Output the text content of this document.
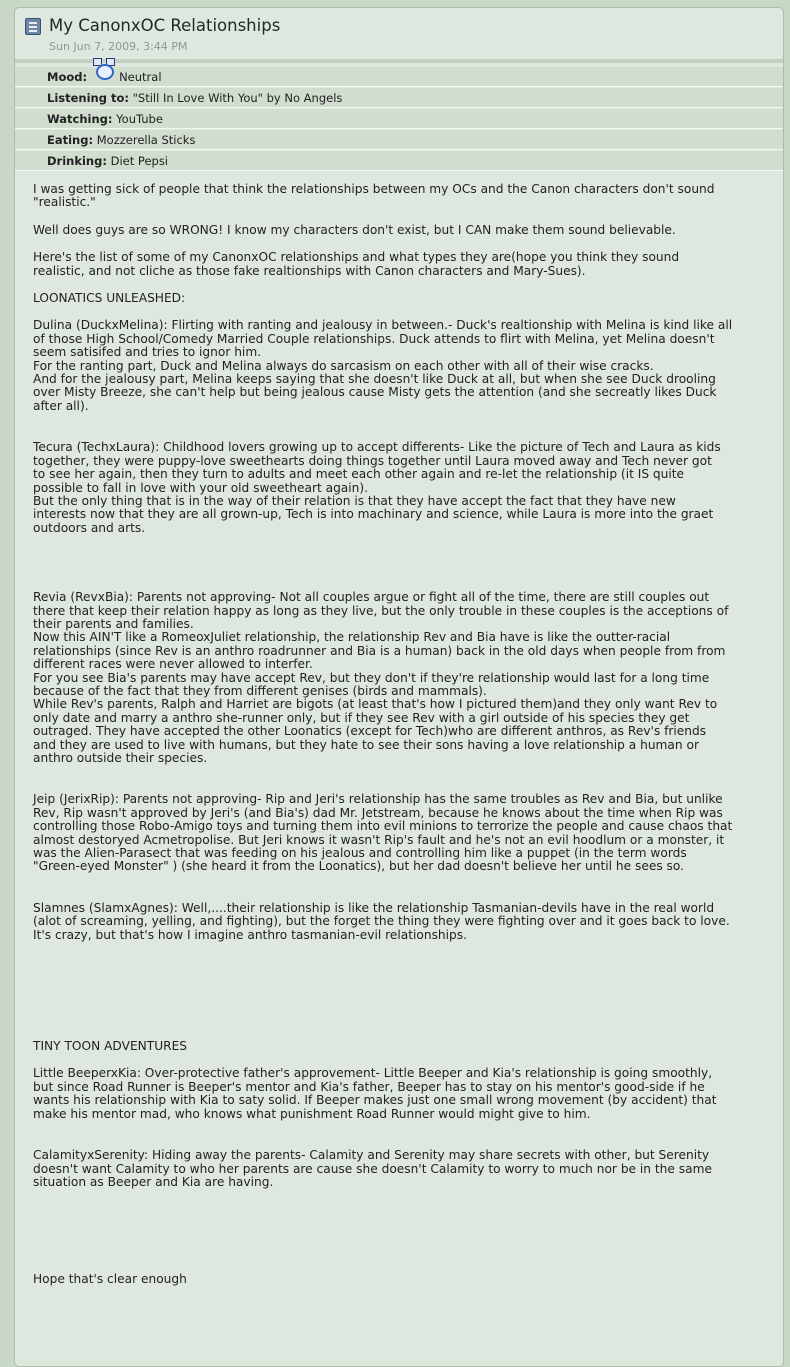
My CanonxOC Relationships
Sun Jun 7, 2009, 3:44 PM
Mood:	Neutral
Listening to: "Still In Love With You" by No Angels
Watching: YouTube
Eating: Mozzerella Sticks
Drinking: Diet Pepsi

I was getting sick of people that think the relationships between my OCs and the Canon characters don't sound
"realistic."

Well does guys are so WRONG! I know my characters don't exist, but I CAN make them sound believable.

Here's the list of some of my CanonxOC relationships and what types they are(hope you think they sound
realistic, and not cliche as those fake realtionships with Canon characters and Mary-Sues).

LOONATICS UNLEASHED:

Dulina (DuckxMelina): Flirting with ranting and jealousy in between.- Duck's realtionship with Melina is kind like all
of those High School/Comedy Married Couple relationships. Duck attends to flirt with Melina, yet Melina doesn't
seem satisifed and tries to ignor him.
For the ranting part, Duck and Melina always do sarcasism on each other with all of their wise cracks.
And for the jealousy part, Melina keeps saying that she doesn't like Duck at all, but when she see Duck drooling
over Misty Breeze, she can't help but being jealous cause Misty gets the attention (and she secreatly likes Duck
after all).

Tecura (TechxLaura): Childhood lovers growing up to accept differents- Like the picture of Tech and Laura as kids
together, they were puppy-love sweethearts doing things together until Laura moved away and Tech never got
to see her again, then they turn to adults and meet each other again and re-let the relationship (it IS quite
possible to fall in love with your old sweetheart again).
But the only thing that is in the way of their relation is that they have accept the fact that they have new
interests now that they are all grown-up, Tech is into machinary and science, while Laura is more into the graet
outdoors and arts.

Revia (RevxBia): Parents not approving- Not all couples argue or fight all of the time, there are still couples out
there that keep their relation happy as long as they live, but the only trouble in these couples is the acceptions of
their parents and families.
Now this AIN'T like a RomeoxJuliet relationship, the relationship Rev and Bia have is like the outter-racial
relationships (since Rev is an anthro roadrunner and Bia is a human) back in the old days when people from from
different races were never allowed to interfer.
For you see Bia's parents may have accept Rev, but they don't if they're relationship would last for a long time
because of the fact that they from different genises (birds and mammals).
While Rev's parents, Ralph and Harriet are bigots (at least that's how I pictured them)and they only want Rev to
only date and marry a anthro she-runner only, but if they see Rev with a girl outside of his species they get
outraged. They have accepted the other Loonatics (except for Tech)who are different anthros, as Rev's friends
and they are used to live with humans, but they hate to see their sons having a love relationship a human or
anthro outside their species.

Jeip (JerixRip): Parents not approving- Rip and Jeri's relationship has the same troubles as Rev and Bia, but unlike
Rev, Rip wasn't approved by Jeri's (and Bia's) dad Mr. Jetstream, because he knows about the time when Rip was
controlling those Robo-Amigo toys and turning them into evil minions to terrorize the people and cause chaos that
almost destoryed Acmetropolise. But Jeri knows it wasn't Rip's fault and he's not an evil hoodlum or a monster, it
was the Alien-Parasect that was feeding on his jealous and controlling him like a puppet (in the term words
"Green-eyed Monster" ) (she heard it from the Loonatics), but her dad doesn't believe her until he sees so.

Slamnes (SlamxAgnes): Well,....their relationship is like the relationship Tasmanian-devils have in the real world
(alot of screaming, yelling, and fighting), but the forget the thing they were fighting over and it goes back to love.
It's crazy, but that's how I imagine anthro tasmanian-evil relationships.

TINY TOON ADVENTURES

Little BeeperxKia: Over-protective father's approvement- Little Beeper and Kia's relationship is going smoothly,
but since Road Runner is Beeper's mentor and Kia's father, Beeper has to stay on his mentor's good-side if he
wants his relationship with Kia to saty solid. If Beeper makes just one small wrong movement (by accident) that
make his mentor mad, who knows what punishment Road Runner would might give to him.

CalamityxSerenity: Hiding away the parents- Calamity and Serenity may share secrets with other, but Serenity
doesn't want Calamity to who her parents are cause she doesn't Calamity to worry to much nor be in the same
situation as Beeper and Kia are having.

Hope that's clear enough
